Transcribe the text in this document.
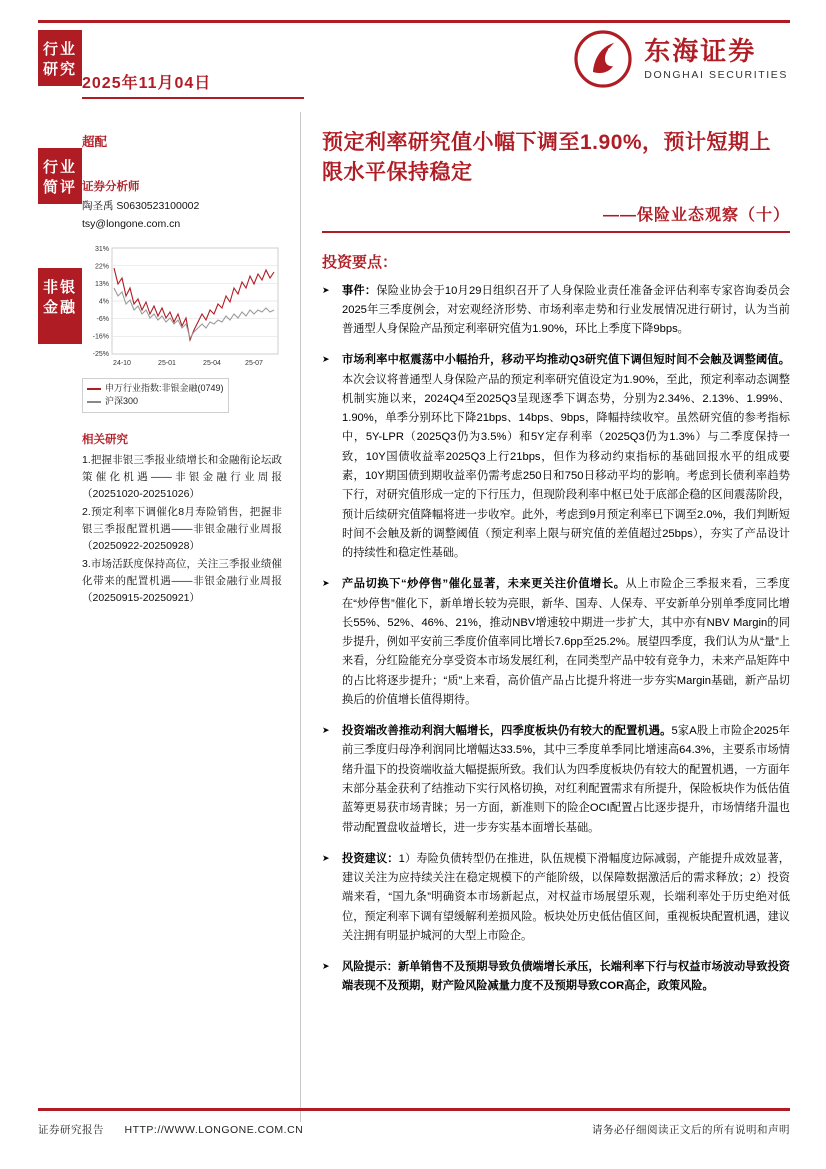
东海证券
DONGHAI SECURITIES
行业研究
行业简评
非银金融
2025年11月04日
超配
证券分析师
陶圣禹 S0630523100002
tsy@longone.com.cn
31%
22%
13%
4%
-6%
-16%
-25%
24-10	25-01	25-04	25-07
申万行业指数:非银金融(0749)
沪深300
相关研究
1.把握非银三季报业绩增长和金融衔论坛政策催化机遇——非银金融行业周报（20251020-20251026）
2.预定利率下调催化8月寿险销售，把握非银三季报配置机遇——非银金融行业周报（20250922-20250928）
3.市场活跃度保持高位，关注三季报业绩催化带来的配置机遇——非银金融行业周报（20250915-20250921）
预定利率研究值小幅下调至1.90%，预计短期上限水平保持稳定
——保险业态观察（十）
投资要点：
➤ 事件：保险业协会于10月29日组织召开了人身保险业责任准备金评估利率专家咨询委员会2025年三季度例会，对宏观经济形势、市场利率走势和行业发展情况进行研讨，认为当前普通型人身保险产品预定利率研究值为1.90%，环比上季度下降9bps。
➤ 市场利率中枢震荡中小幅抬升，移动平均推动Q3研究值下调但短时间不会触及调整阈值。本次会议将普通型人身保险产品的预定利率研究值设定为1.90%，至此，预定利率动态调整机制实施以来，2024Q4至2025Q3呈现逐季下调态势，分别为2.34%、2.13%、1.99%、1.90%，单季分别环比下降21bps、14bps、9bps，降幅持续收窄。虽然研究值的参考指标中，5Y-LPR（2025Q3仍为3.5%）和5Y定存利率（2025Q3仍为1.3%）与二季度保持一致，10Y国债收益率2025Q3上行21bps，但作为移动约束指标的基础回报水平的组成要素，10Y期国债到期收益率仍需考虑250日和750日移动平均的影响。考虑到长债利率趋势下行，对研究值形成一定的下行压力，但现阶段利率中枢已处于底部企稳的区间震荡阶段，预计后续研究值降幅将进一步收窄。此外，考虑到9月预定利率已下调至2.0%，我们判断短时间不会触及新的调整阈值（预定利率上限与研究值的差值超过25bps），夯实了产品设计的持续性和稳定性基础。
➤ 产品切换下“炒停售”催化显著，未来更关注价值增长。从上市险企三季报来看，三季度在“炒停售”催化下，新单增长较为亮眼，新华、国寿、人保寿、平安新单分别单季度同比增长55%、52%、46%、21%，推动NBV增速较中期进一步扩大，其中亦有NBV Margin的同步提升，例如平安前三季度价值率同比增长7.6pp至25.2%。展望四季度，我们认为从“量”上来看，分红险能充分享受资本市场发展红利，在同类型产品中较有竞争力，未来产品矩阵中的占比将逐步提升；“质”上来看，高价值产品占比提升将进一步夯实Margin基础，新产品切换后的价值增长值得期待。
➤ 投资端改善推动利润大幅增长，四季度板块仍有较大的配置机遇。5家A股上市险企2025年前三季度归母净利润同比增幅达33.5%，其中三季度单季同比增速高64.3%，主要系市场情绪升温下的投资端收益大幅提振所致。我们认为四季度板块仍有较大的配置机遇，一方面年末部分基金获利了结推动下实行风格切换，对红利配置需求有所提升，保险板块作为低估值蓝筹更易获市场青睐；另一方面，新准则下的险企OCI配置占比逐步提升，市场情绪升温也带动配置盘收益增长，进一步夯实基本面增长基础。
➤ 投资建议：1）寿险负债转型仍在推进，队伍规模下滑幅度边际减弱，产能提升成效显著，建议关注为应持续关注在稳定规模下的产能阶级，以保障数据激活后的需求释放；2）投资端来看，“国九条”明确资本市场新起点，对权益市场展望乐观，长端利率处于历史绝对低位，预定利率下调有望缓解利差损风险。板块处历史低估值区间，重视板块配置机遇，建议关注拥有明显护城河的大型上市险企。
➤ 风险提示：新单销售不及预期导致负债端增长承压，长端利率下行与权益市场波动导致投资端表现不及预期，财产险风险减量力度不及预期导致COR高企，政策风险。
证券研究报告 HTTP://WWW.LONGONE.COM.CN	请务必仔细阅读正文后的所有说明和声明
